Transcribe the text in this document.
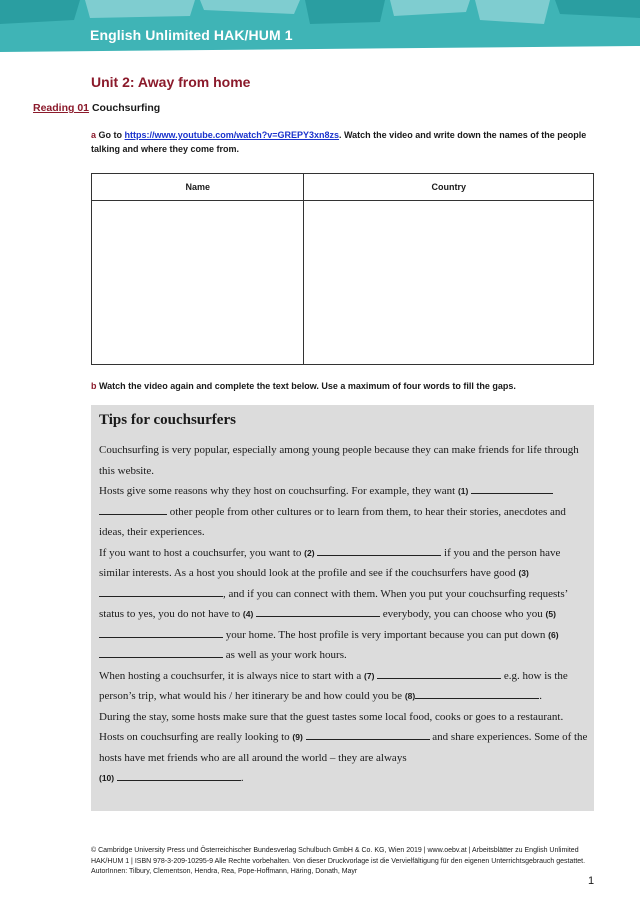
English Unlimited HAK/HUM 1
Unit 2: Away from home
Reading 01 Couchsurfing
a Go to https://www.youtube.com/watch?v=GREPY3xn8zs. Watch the video and write down the names of the people talking and where they come from.
Name	Country

b Watch the video again and complete the text below. Use a maximum of four words to fill the gaps.
Tips for couchsurfers

Couchsurfing is very popular, especially among young people because they can make friends for life through this website.

Hosts give some reasons why they host on couchsurfing. For example, they want (1)   other people from other cultures or to learn from them, to hear their stories, anecdotes and ideas, their experiences.

If you want to host a couchsurfer, you want to (2)	if you and the person have similar interests. As a host you should look at the profile and see if the couchsurfers have good (3) , and if you can connect with them. When you put your couchsurfing requests’ status to yes, you do not have to (4)	everybody, you can choose who you (5)  your home. The host profile is very important because you can put down (6)  as well as your work hours.

When hosting a couchsurfer, it is always nice to start with a (7)	e.g. how is the person’s trip, what would his / her itinerary be and how could you be (8)	.

During the stay, some hosts make sure that the guest tastes some local food, cooks or goes to a restaurant.

Hosts on couchsurfing are really looking to (9)	and share experiences. Some of the hosts have met friends who are all around the world – they are always
(10)	.

© Cambridge University Press und Österreichischer Bundesverlag Schulbuch GmbH & Co. KG, Wien 2019 | www.oebv.at | Arbeitsblätter zu English Unlimited HAK/HUM 1 | ISBN 978-3-209-10295-9 Alle Rechte vorbehalten. Von dieser Druckvorlage ist die Vervielfältigung für den eigenen Unterrichtsgebrauch gestattet.
AutorInnen: Tilbury, Clementson, Hendra, Rea, Pope-Hoffmann, Häring, Donath, Mayr
1
